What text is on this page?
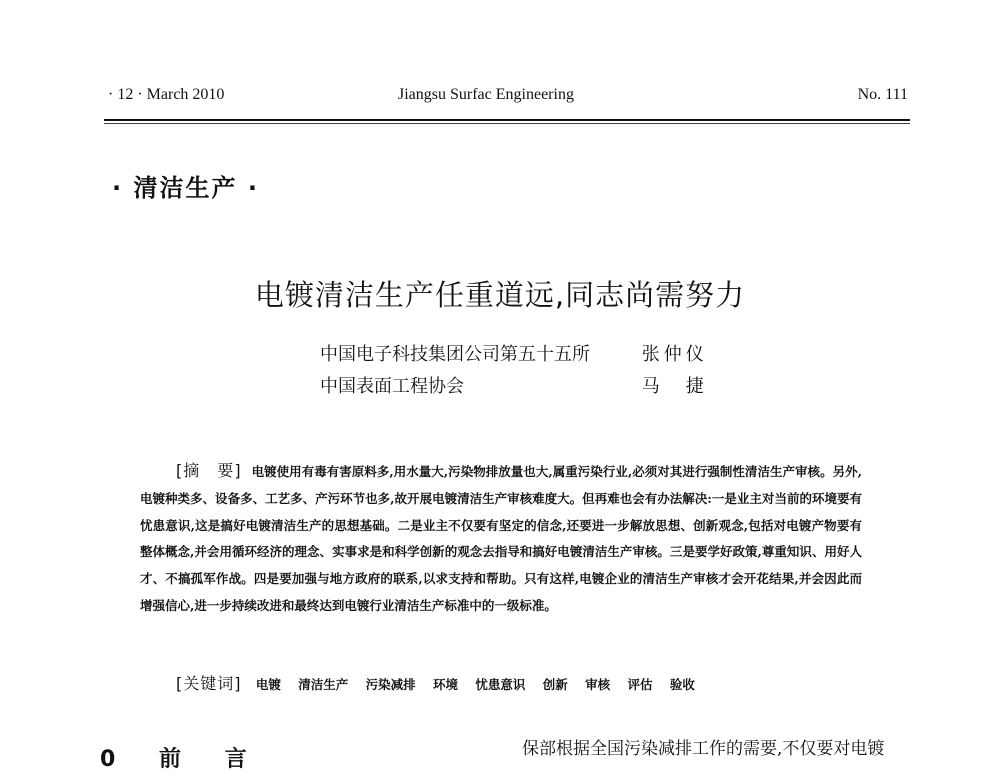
· 12 · March 2010	Jiangsu Surfac Engineering	No. 111
· 清洁生产 ·
电镀清洁生产任重道远,同志尚需努力
中国电子科技集团公司第五十五所	张仲仪
中国表面工程协会	马　捷
[摘　要] 电镀使用有毒有害原料多,用水量大,污染物排放量也大,属重污染行业,必须对其进行强制性清洁生产审核。另外,电镀种类多、设备多、工艺多、产污环节也多,故开展电镀清洁生产审核难度大。但再难也会有办法解决:一是业主对当前的环境要有忧患意识,这是搞好电镀清洁生产的思想基础。二是业主不仅要有坚定的信念,还要进一步解放思想、创新观念,包括对电镀产物要有整体概念,并会用循环经济的理念、实事求是和科学创新的观念去指导和搞好电镀清洁生产审核。三是要学好政策,尊重知识、用好人才、不搞孤军作战。四是要加强与地方政府的联系,以求支持和帮助。只有这样,电镀企业的清洁生产审核才会开花结果,并会因此而增强信心,进一步持续改进和最终达到电镀行业清洁生产标准中的一级标准。
[关键词] 电镀 清洁生产 污染减排 环境 忧患意识 创新 审核 评估 验收
0 前 言	保部根据全国污染减排工作的需要,不仅要对电镀
